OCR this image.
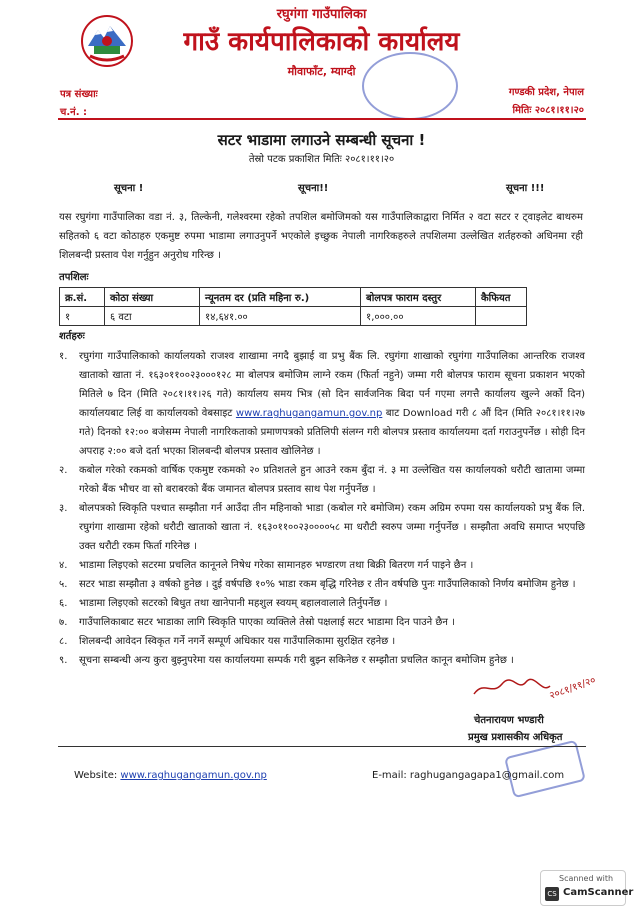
रघुगंगा गाउँपालिका
गाउँ कार्यपालिकाको कार्यालय
मौवाफाँट, म्याग्दी
पत्र संख्याः
च.नं. :
गण्डकी प्रदेश, नेपाल
मितिः २०८१।११।२०
सटर भाडामा लगाउने सम्बन्धी सूचना !
तेस्रो पटक प्रकाशित मितिः २०८१।११।२०
सूचना !	सूचना!!	सूचना !!!
यस रघुगंगा गाउँपालिका वडा नं. ३, तिल्केनी, गलेश्वरमा रहेको तपशिल बमोजिमको यस गाउँपालिकाद्वारा निर्मित २ वटा सटर र ट्वाइलेट बाथरुम सहितको ६ वटा कोठाहरु एकमुष्ट रुपमा भाडामा लगाउनुपर्ने भएकोले इच्छुक नेपाली नागरिकहरुले तपशिलमा उल्लेखित शर्तहरुको अधिनमा रही शिलबन्दी प्रस्ताव पेश गर्नुहुन अनुरोध गरिन्छ ।
तपशिलः
क्र.सं.	कोठा संख्या	न्यूनतम दर (प्रति महिना रु.)	बोलपत्र फाराम दस्तुर	कैफियत
१	६ वटा	१४,६४१.००	१,०००.००	
शर्तहरुः
१.	रघुगंगा गाउँपालिकाको कार्यालयको राजश्व शाखामा नगदै बुझाई वा प्रभु बैंक लि. रघुगंगा शाखाको रघुगंगा गाउँपालिका आन्तरिक राजश्व खाताको खाता नं. १६३०११००२३०००१२८ मा बोलपत्र बमोजिम लाग्ने रकम (फिर्ता नहुने) जम्मा गरी बोलपत्र फाराम सूचना प्रकाशन भएको मितिले ७ दिन (मिति २०८१।११।२६ गते) कार्यालय समय भित्र (सो दिन सार्वजनिक बिदा पर्न गएमा लगत्तै कार्यालय खुल्ने अर्को दिन) कार्यालयबाट लिई वा कार्यालयको वेबसाइट www.raghugangamun.gov.np बाट Download गरी ८ औं दिन (मिति २०८१।११।२७ गते) दिनको १२:०० बजेसम्म नेपाली नागरिकताको प्रमाणपत्रको प्रतिलिपी संलग्न गरी बोलपत्र प्रस्ताव कार्यालयमा दर्ता गराउनुपर्नेछ । सोही दिन अपराह २:०० बजे दर्ता भएका शिलबन्दी बोलपत्र प्रस्ताव खोलिनेछ ।
२.	कबोल गरेको रकमको वार्षिक एकमुष्ट रकमको २० प्रतिशतले हुन आउने रकम बुँदा नं. ३ मा उल्लेखित यस कार्यालयको धरौटी खातामा जम्मा गरेको बैंक भौचर वा सो बराबरको बैंक जमानत बोलपत्र प्रस्ताव साथ पेश गर्नुपर्नेछ ।
३.	बोलपत्रको स्विकृति पश्चात सम्झौता गर्न आउँदा तीन महिनाको भाडा (कबोल गरे बमोजिम) रकम अग्रिम रुपमा यस कार्यालयको प्रभु बैंक लि. रघुगंगा शाखामा रहेको धरौटी खाताको खाता नं. १६३०११००२३००००५८ मा धरौटी स्वरुप जम्मा गर्नुपर्नेछ । सम्झौता अवधि समाप्त भएपछि उक्त धरौटी रकम फिर्ता गरिनेछ ।
४.	भाडामा लिइएको सटरमा प्रचलित कानूनले निषेध गरेका सामानहरु भण्डारण तथा बिक्री बितरण गर्न पाइने छैन ।
५.	सटर भाडा सम्झौता ३ वर्षको हुनेछ । दुई वर्षपछि १०% भाडा रकम बृद्धि गरिनेछ र तीन वर्षपछि पुनः गाउँपालिकाको निर्णय बमोजिम हुनेछ ।
६.	भाडामा लिइएको सटरको बिधुत तथा खानेपानी महशुल स्वयम् बहालवालाले तिर्नुपर्नेछ ।
७.	गाउँपालिकाबाट सटर भाडाका लागि स्विकृति पाएका व्यक्तिले तेस्रो पक्षलाई सटर भाडामा दिन पाउने छैन ।
८.	शिलबन्दी आवेदन स्विकृत गर्ने नगर्ने सम्पूर्ण अधिकार यस गाउँपालिकामा सुरक्षित रहनेछ ।
९.	सूचना सम्बन्धी अन्य कुरा बुझ्नुपरेमा यस कार्यालयमा सम्पर्क गरी बुझ्न सकिनेछ र सम्झौता प्रचलित कानून बमोजिम हुनेछ ।
२०८१/११/२०
चेतनारायण भण्डारी
प्रमुख प्रशासकीय अधिकृत
Website: www.raghugangamun.gov.np	E-mail: raghugangagapa1@gmail.com
Scanned with
CS CamScanner
